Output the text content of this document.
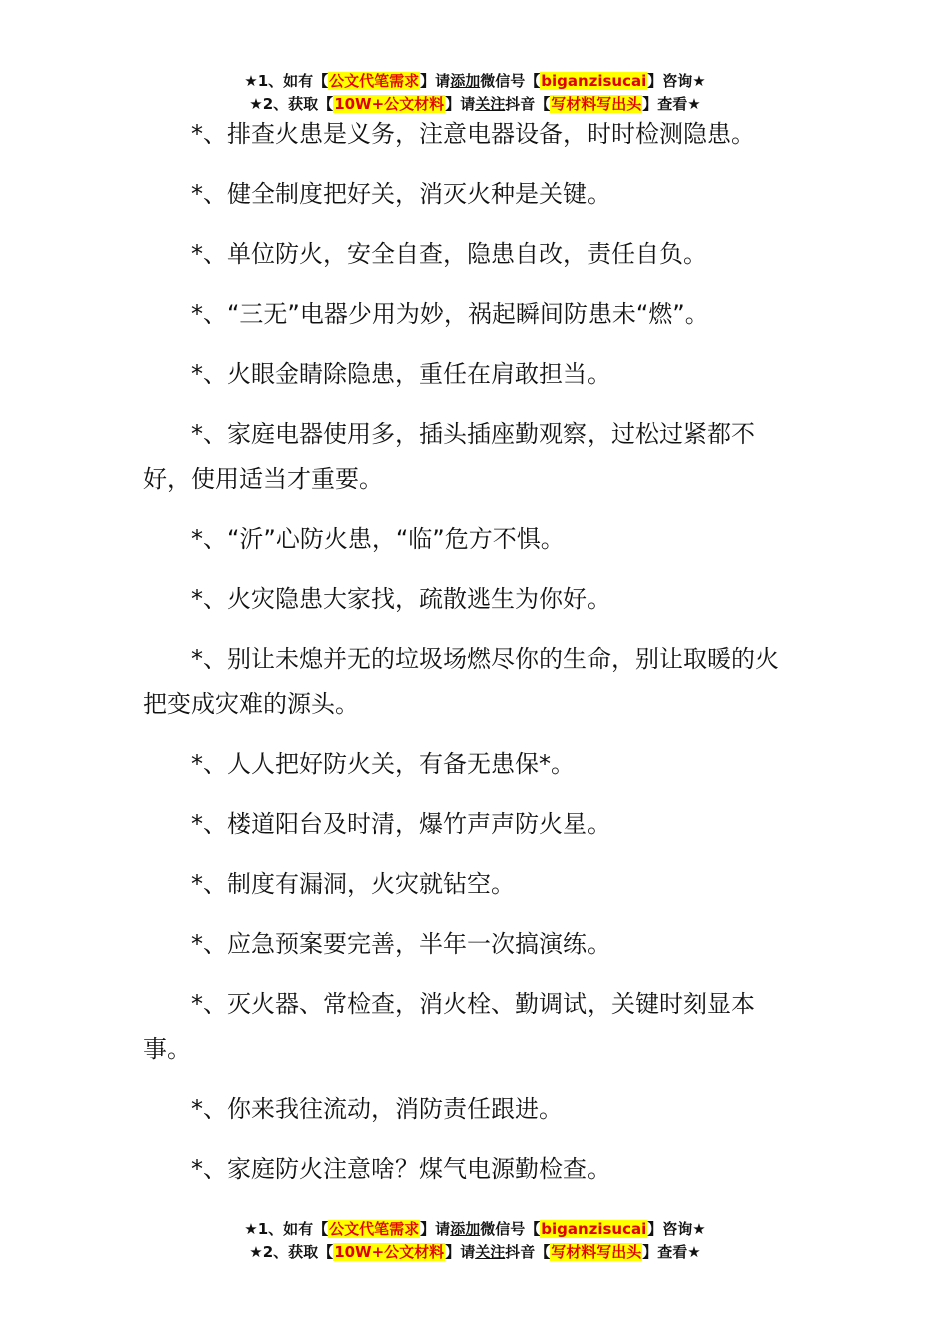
★1、如有【公文代笔需求】请添加微信号【biganzisucai】咨询★
★2、获取【10W+公文材料】请关注抖音【写材料写出头】查看★

*、排查火患是义务，注意电器设备，时时检测隐患。

*、健全制度把好关，消灭火种是关键。

*、单位防火，安全自查，隐患自改，责任自负。

*、“三无”电器少用为妙，祸起瞬间防患未“燃”。

*、火眼金睛除隐患，重任在肩敢担当。

*、家庭电器使用多，插头插座勤观察，过松过紧都不好，使用适当才重要。

*、“沂”心防火患，“临”危方不惧。

*、火灾隐患大家找，疏散逃生为你好。

*、别让未熄并无的垃圾场燃尽你的生命，别让取暖的火把变成灾难的源头。

*、人人把好防火关，有备无患保*。

*、楼道阳台及时清，爆竹声声防火星。

*、制度有漏洞，火灾就钻空。

*、应急预案要完善，半年一次搞演练。

*、灭火器、常检查，消火栓、勤调试，关键时刻显本事。

*、你来我往流动，消防责任跟进。

*、家庭防火注意啥？煤气电源勤检查。

★1、如有【公文代笔需求】请添加微信号【biganzisucai】咨询★
★2、获取【10W+公文材料】请关注抖音【写材料写出头】查看★
